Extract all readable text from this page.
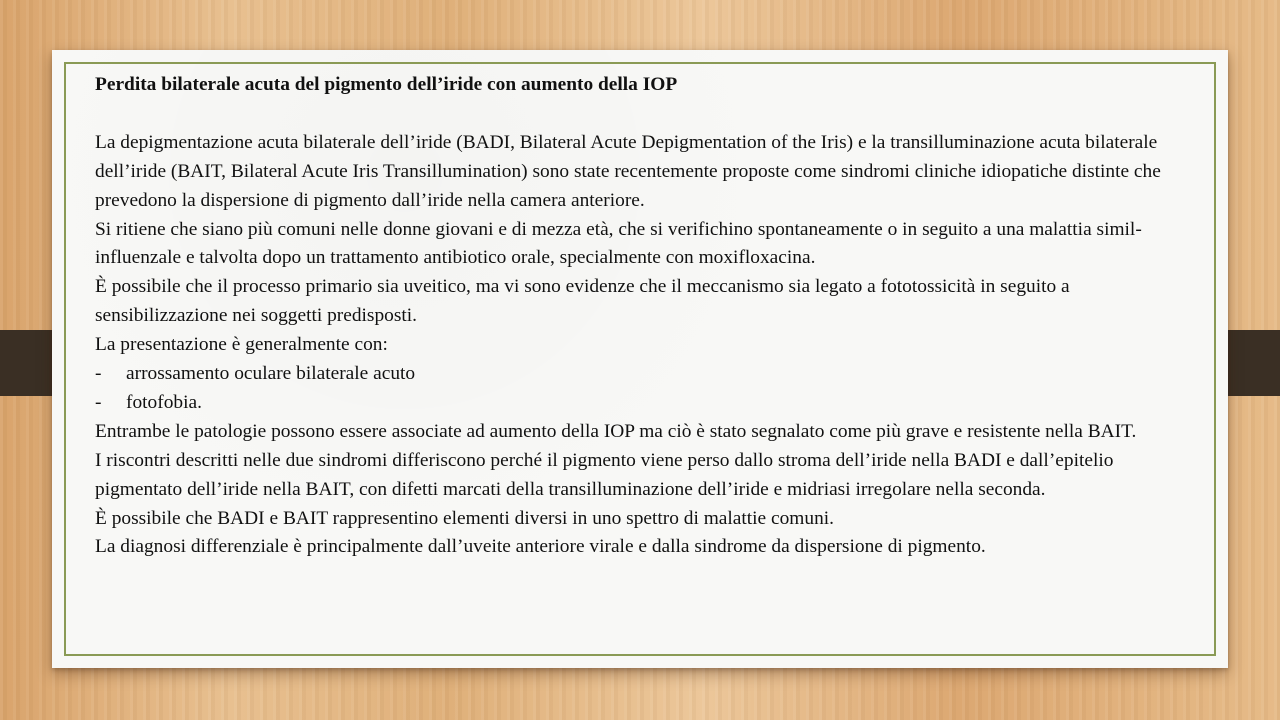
Perdita bilaterale acuta del pigmento dell’iride con aumento della IOP

La depigmentazione acuta bilaterale dell’iride (BADI, Bilateral Acute Depigmentation of the Iris) e la transilluminazione acuta bilaterale dell’iride (BAIT, Bilateral Acute Iris Transillumination) sono state recentemente proposte come sindromi cliniche idiopatiche distinte che prevedono la dispersione di pigmento dall’iride nella camera anteriore.

Si ritiene che siano più comuni nelle donne giovani e di mezza età, che si verifichino spontaneamente o in seguito a una malattia simil-influenzale e talvolta dopo un trattamento antibiotico orale, specialmente con moxifloxacina.

È possibile che il processo primario sia uveitico, ma vi sono evidenze che il meccanismo sia legato a fototossicità in seguito a sensibilizzazione nei soggetti predisposti.

La presentazione è generalmente con:

-	arrossamento oculare bilaterale acuto
-	fotofobia.

Entrambe le patologie possono essere associate ad aumento della IOP ma ciò è stato segnalato come più grave e resistente nella BAIT.

I riscontri descritti nelle due sindromi differiscono perché il pigmento viene perso dallo stroma dell’iride nella BADI e dall’epitelio pigmentato dell’iride nella BAIT, con difetti marcati della transilluminazione dell’iride e midriasi irregolare nella seconda.

È possibile che BADI e BAIT rappresentino elementi diversi in uno spettro di malattie comuni.

La diagnosi differenziale è principalmente dall’uveite anteriore virale e dalla sindrome da dispersione di pigmento.
